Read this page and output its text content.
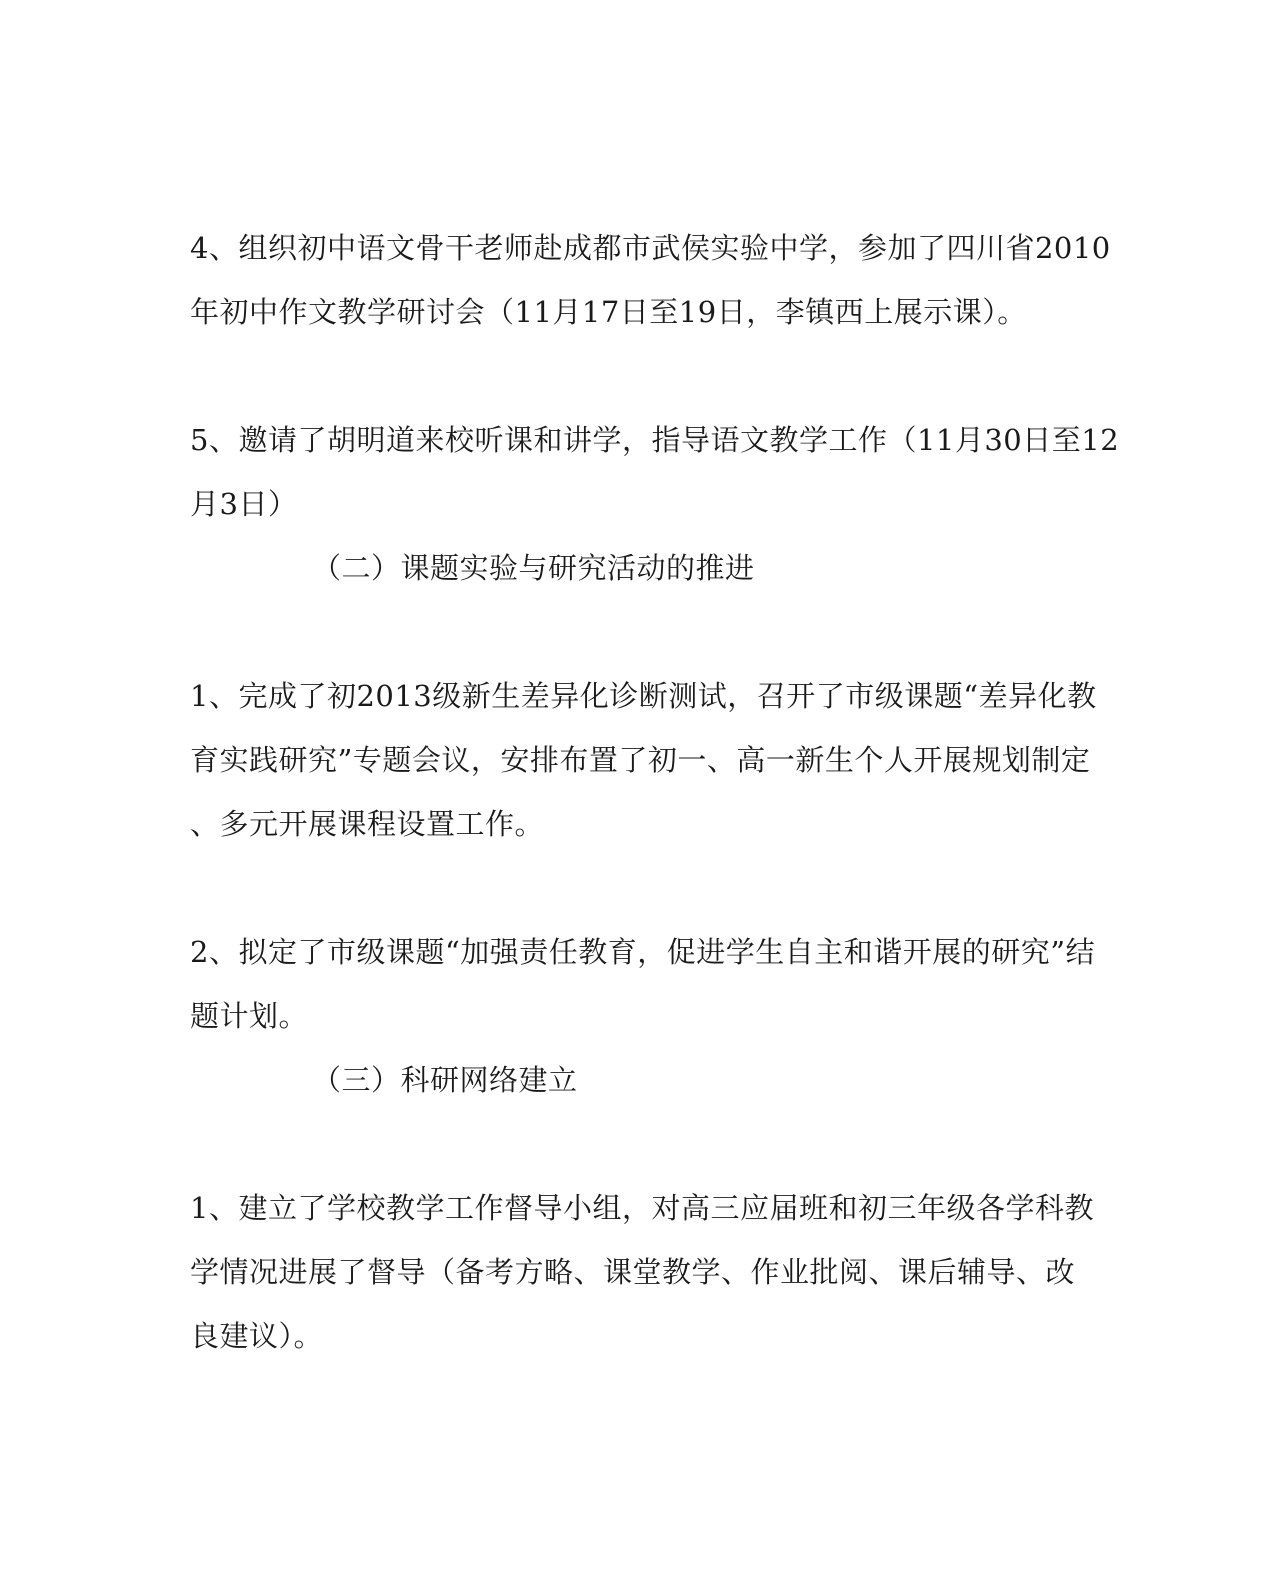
4、组织初中语文骨干老师赴成都市武侯实验中学，参加了四川省2010
年初中作文教学研讨会（11月17日至19日，李镇西上展示课）。
5、邀请了胡明道来校听课和讲学，指导语文教学工作（11月30日至12
月3日）
（二）课题实验与研究活动的推进
1、完成了初2013级新生差异化诊断测试，召开了市级课题“差异化教
育实践研究”专题会议，安排布置了初一、高一新生个人开展规划制定
、多元开展课程设置工作。
2、拟定了市级课题“加强责任教育，促进学生自主和谐开展的研究”结
题计划。
（三）科研网络建立
1、建立了学校教学工作督导小组，对高三应届班和初三年级各学科教
学情况进展了督导（备考方略、课堂教学、作业批阅、课后辅导、改
良建议）。
